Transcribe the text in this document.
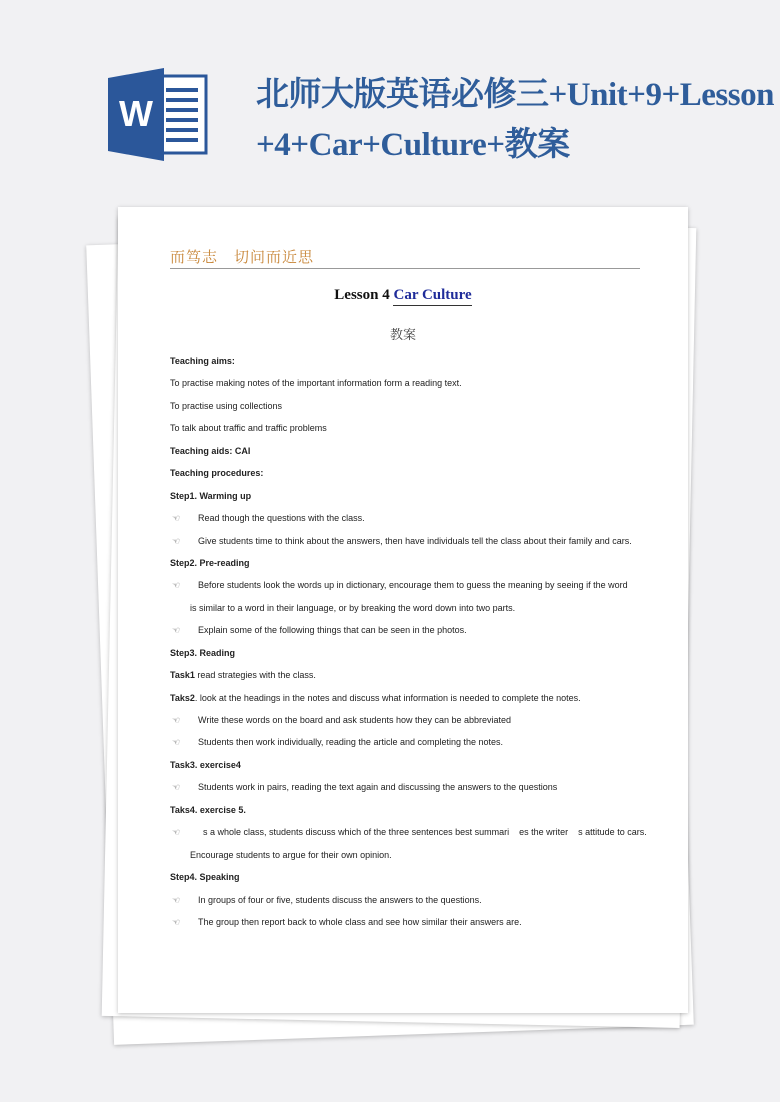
W	北师大版英语必修三+Unit+9+Lesson+4+Car+Culture+教案
而笃志 切问而近思
Lesson 4 Car Culture
教案
Teaching aims:
To practise making notes of the important information form a reading text.
To practise using collections
To talk about traffic and traffic problems
Teaching aids: CAI
Teaching procedures:
Step1. Warming up
☜ Read though the questions with the class.
☜ Give students time to think about the answers, then have individuals tell the class about their family and cars.
Step2. Pre-reading
☜ Before students look the words up in dictionary, encourage them to guess the meaning by seeing if the word
is similar to a word in their language, or by breaking the word down into two parts.
☜ Explain some of the following things that can be seen in the photos.
Step3. Reading
Task1 read strategies with the class.
Taks2. look at the headings in the notes and discuss what information is needed to complete the notes.
☜ Write these words on the board and ask students how they can be abbreviated
☜ Students then work individually, reading the article and completing the notes.
Task3. exercise4
☜ Students work in pairs, reading the text again and discussing the answers to the questions
Taks4. exercise 5.
☜ s a whole class, students discuss which of the three sentences best summari    es the writer    s attitude to cars.
Encourage students to argue for their own opinion.
Step4. Speaking
☜ In groups of four or five, students discuss the answers to the questions.
☜ The group then report back to whole class and see how similar their answers are.
